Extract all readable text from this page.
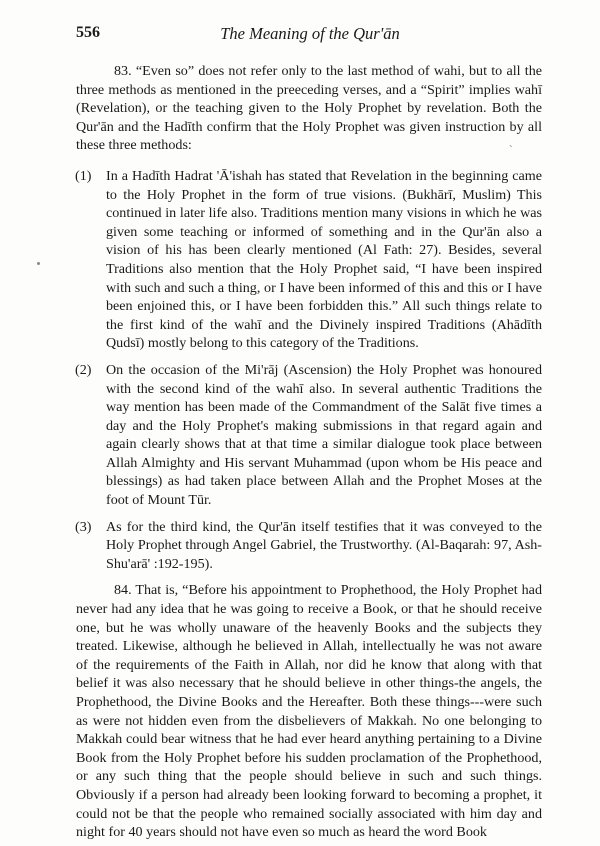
556	The Meaning of the Qur'ān

83. “Even so” does not refer only to the last method of wahi, but to all the three methods as mentioned in the preeceding verses, and a “Spirit” implies wahī (Revelation), or the teaching given to the Holy Prophet by revelation. Both the Qur'ān and the Hadīth confirm that the Holy Prophet was given instruction by all these three methods:

(1) In a Hadīth Hadrat 'Ā'ishah has stated that Revelation in the beginning came to the Holy Prophet in the form of true visions. (Bukhārī, Muslim) This continued in later life also. Traditions mention many visions in which he was given some teaching or informed of something and in the Qur'ān also a vision of his has been clearly mentioned (Al Fath: 27). Besides, several Traditions also mention that the Holy Prophet said, “I have been inspired with such and such a thing, or I have been informed of this and this or I have been enjoined this, or I have been forbidden this.” All such things relate to the first kind of the wahī and the Divinely inspired Traditions (Ahādīth Qudsī) mostly belong to this category of the Traditions.
(2) On the occasion of the Mi'rāj (Ascension) the Holy Prophet was honoured with the second kind of the wahī also. In several authentic Traditions the way mention has been made of the Commandment of the Salāt five times a day and the Holy Prophet's making submissions in that regard again and again clearly shows that at that time a similar dialogue took place between Allah Almighty and His servant Muhammad (upon whom be His peace and blessings) as had taken place between Allah and the Prophet Moses at the foot of Mount Tūr.
(3) As for the third kind, the Qur'ān itself testifies that it was conveyed to the Holy Prophet through Angel Gabriel, the Trustworthy. (Al-Baqarah: 97, Ash-Shu'arā' :192-195).

84. That is, “Before his appointment to Prophethood, the Holy Prophet had never had any idea that he was going to receive a Book, or that he should receive one, but he was wholly unaware of the heavenly Books and the subjects they treated. Likewise, although he believed in Allah, intellectually he was not aware of the requirements of the Faith in Allah, nor did he know that along with that belief it was also necessary that he should believe in other things-the angels, the Prophethood, the Divine Books and the Hereafter. Both these things---were such as were not hidden even from the disbelievers of Makkah. No one belonging to Makkah could bear witness that he had ever heard anything pertaining to a Divine Book from the Holy Prophet before his sudden proclamation of the Prophethood, or any such thing that the people should believe in such and such things. Obviously if a person had already been looking forward to becoming a prophet, it could not be that the people who remained socially associated with him day and night for 40 years should not have even so much as heard the word Book

`
